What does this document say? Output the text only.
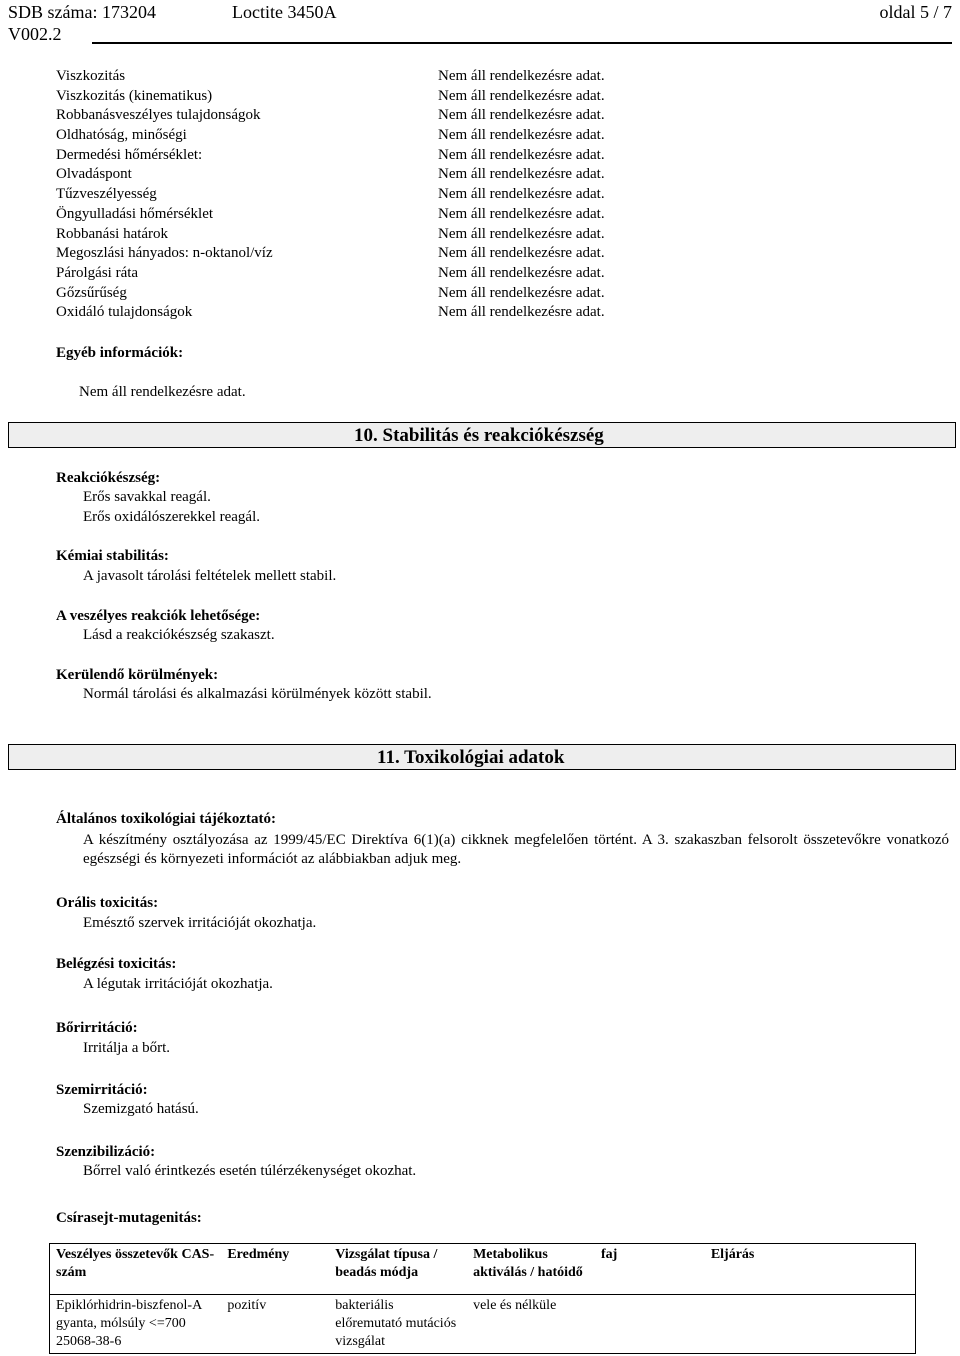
SDB száma: 173204	Loctite 3450A	oldal 5 / 7
V002.2
Viszkozitás	Nem áll rendelkezésre adat.
Viszkozitás (kinematikus)	Nem áll rendelkezésre adat.
Robbanásveszélyes tulajdonságok	Nem áll rendelkezésre adat.
Oldhatóság, minőségi	Nem áll rendelkezésre adat.
Dermedési hőmérséklet:	Nem áll rendelkezésre adat.
Olvadáspont	Nem áll rendelkezésre adat.
Tűzveszélyesség	Nem áll rendelkezésre adat.
Öngyulladási hőmérséklet	Nem áll rendelkezésre adat.
Robbanási határok	Nem áll rendelkezésre adat.
Megoszlási hányados: n-oktanol/víz	Nem áll rendelkezésre adat.
Párolgási ráta	Nem áll rendelkezésre adat.
Gőzsűrűség	Nem áll rendelkezésre adat.
Oxidáló tulajdonságok	Nem áll rendelkezésre adat.
Egyéb információk:
Nem áll rendelkezésre adat.
10. Stabilitás és reakciókészség
Reakciókészség:
Erős savakkal reagál.
Erős oxidálószerekkel reagál.
Kémiai stabilitás:
A javasolt tárolási feltételek mellett stabil.
A veszélyes reakciók lehetősége:
Lásd a reakciókészség szakaszt.
Kerülendő körülmények:
Normál tárolási és alkalmazási körülmények között stabil.
11. Toxikológiai adatok
Általános toxikológiai tájékoztató:
A készítmény osztályozása az 1999/45/EC Direktíva 6(1)(a) cikknek megfelelően történt. A 3. szakaszban felsorolt összetevőkre vonatkozó egészségi és környezeti információt az alábbiakban adjuk meg.
Orális toxicitás:
Emésztő szervek irritációját okozhatja.
Belégzési toxicitás:
A légutak irritációját okozhatja.
Bőrirritáció:
Irritálja a bőrt.
Szemirritáció:
Szemizgató hatású.
Szenzibilizáció:
Bőrrel való érintkezés esetén túlérzékenységet okozhat.
Csírasejt-mutagenitás:
Veszélyes összetevők CAS-szám	Eredmény	Vizsgálat típusa / beadás módja	Metabolikus aktiválás / hatóidő	faj	Eljárás
Epiklórhidrin-biszfenol-A gyanta, mólsúly <=700 25068-38-6	pozitív	bakteriális előremutató mutációs vizsgálat	vele és nélküle		
